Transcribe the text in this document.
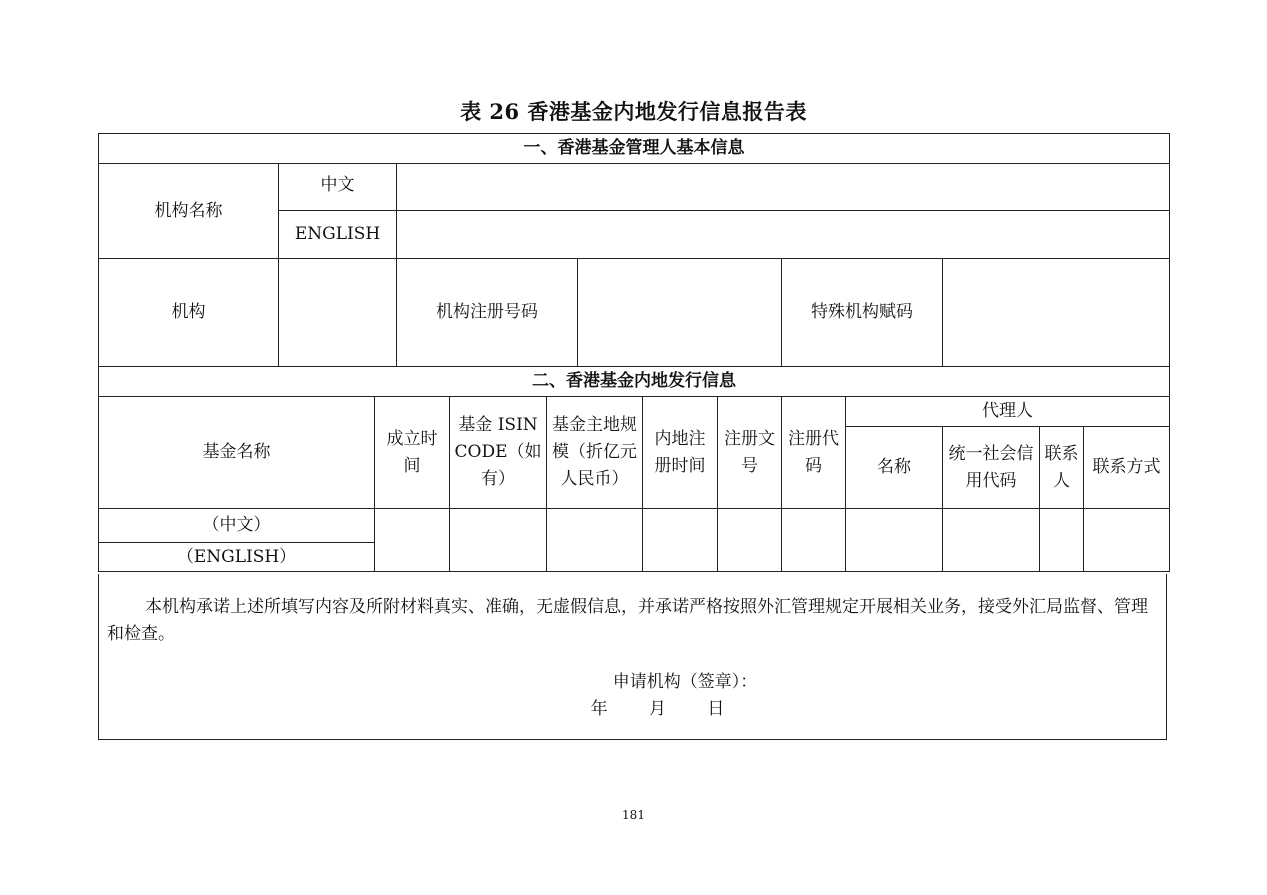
表 26 香港基金内地发行信息报告表
一、香港基金管理人基本信息													
机构名称	中文												
	ENGLISH												
机构			机构注册号码						特殊机构赋码				
二、香港基金内地发行信息													
基金名称		成立时间		基金 ISIN CODE（如有）	基金主地规模（折亿元人民币）		内地注册时间	注册文号	注册代码	代理人			
										名称	统一社会信用代码	联系人	联系方式
（中文）													
（ENGLISH）													
本机构承诺上述所填写内容及所附材料真实、准确，无虚假信息，并承诺严格按照外汇管理规定开展相关业务，接受外汇局监督、管理和检查。
申请机构（签章）：
年 月 日
181
